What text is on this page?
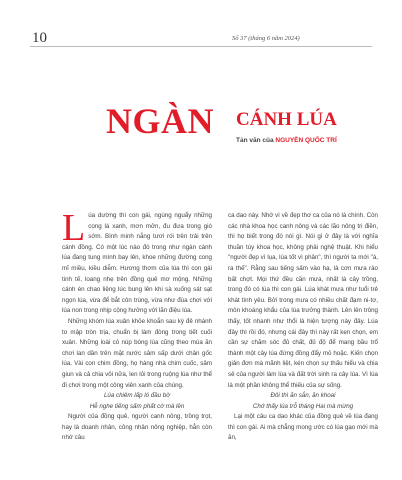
10	Số 37 (tháng 6 năm 2024)
NGÀN CÁNH LÚA
Tản văn của NGUYỄN QUỐC TRÍ

Lúa dường thì con gái, ngúng nguẩy những cọng lá xanh, mơn mởn, đu đưa trong gió sớm. Bình minh nắng tươi rói trên trải trên cánh đồng. Có một lúc nào đó trong như ngàn cánh lúa đang tung mình bay lên, khoe những đường cong mĩ miều, kiều diễm. Hương thơm của lúa thì con gái tinh tế, loang nhẹ trên đồng quê mơ mộng. Những cánh én chao liệng lúc bung lên khi sà xuống sát sạt ngọn lúa, vừa để bắt côn trùng, vừa như đùa chơi với lúa non trong nhịp cộng hưởng với lãn điệu lúa.

Những khóm lúa xuân khỏe khoắn sau kỳ đẻ nhánh to mập tròn trịa, chuẩn bị làm đòng trong tiết cuối xuân. Những loài cỏ núp bóng lúa cũng theo mùa ăn chơi lan dần trên mặt nước sâm sấp dưới chân gốc lúa. Vài con chim đồng, họ hàng nhà chim cuốc, sâm giun và cả chia vôi nữa, len lỏi trong ruộng lúa như thể đi chơi trong một công viên xanh của chúng.

Lúa chiêm lấp ló đầu bờ

Hễ nghe tiếng sấm phất cờ mà lên

Người của đồng quê, người canh nông, trồng trọt, hay là doanh nhân, công nhân nông nghiệp, hẳn còn nhớ câu

ca dao này. Nhớ vì về đẹp thơ ca của nó là chính. Còn các nhà khoa học canh nông và các lão nông tri điền, thì họ biết trong đó nói gì. Nói gì ở đây là với nghĩa thuần túy khoa học, không phải nghệ thuật. Khi hiểu "người đẹp vì lụa, lúa tốt vì phân", thì người ta mới "à, ra thế". Rằng sau tiếng sấm vào hạ, là cơn mưa rào bất chợt. Mọi thứ đều cần mưa, nhất là cây trồng, trong đó có lúa thì con gái. Lúa khát mưa như tuổi trẻ khát tình yêu. Bởi trong mưa có nhiều chất đạm ni-tơ, môn khoáng khẩu của lúa trưởng thành. Lên lên trông thấy, tốt nhanh như thổi là hiện tượng này đây. Lúa đây thì rồi đó, nhưng cái đây thì này rất ken chọn, em cần sự chăm sóc đủ chất, đủ độ để mang bầu trổ thành một cây lúa đứng đồng đẩy mỏ hoặc. Kiến chọn giản đơn mà mãnh liệt, kén chọn sự thấu hiểu và chia sẻ của người làm lúa và đất trời sinh ra cây lúa. Vì lúa là một phần không thể thiếu của sự sống.

Đôi thì ăn sắn, ăn khoai

Chớ thấy lúa trỗ tháng Hai mà mừng

Lại một câu ca dao khác của đồng quê về lúa đang thì con gái. Ai mà chẳng mong ước có lúa gạo mới mà ăn,
